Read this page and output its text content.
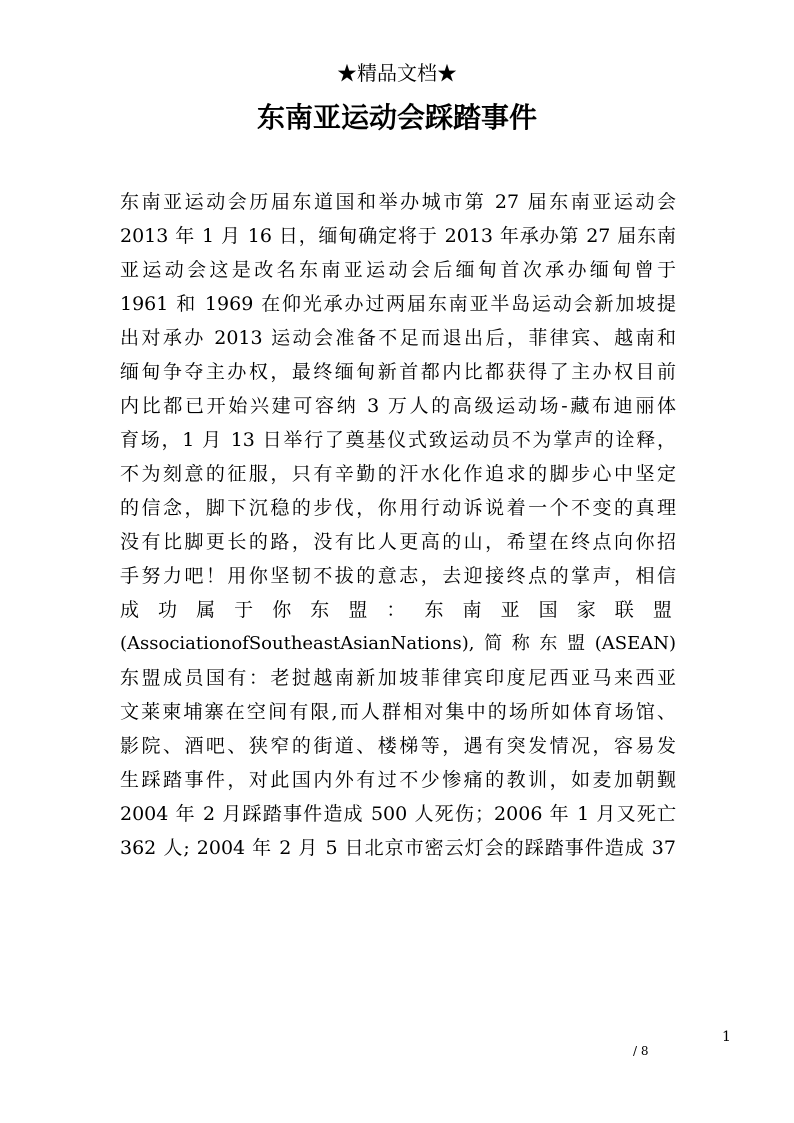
★精品文档★
东南亚运动会踩踏事件
东南亚运动会历届东道国和举办城市第 27 届东南亚运动会
2013 年 1 月 16 日，缅甸确定将于 2013 年承办第 27 届东南
亚运动会这是改名东南亚运动会后缅甸首次承办缅甸曾于
1961 和 1969 在仰光承办过两届东南亚半岛运动会新加坡提
出对承办 2013 运动会准备不足而退出后，菲律宾、越南和
缅甸争夺主办权，最终缅甸新首都内比都获得了主办权目前
内比都已开始兴建可容纳 3 万人的高级运动场-藏布迪丽体
育场，1 月 13 日举行了奠基仪式致运动员不为掌声的诠释，
不为刻意的征服，只有辛勤的汗水化作追求的脚步心中坚定
的信念，脚下沉稳的步伐，你用行动诉说着一个不变的真理
没有比脚更长的路，没有比人更高的山，希望在终点向你招
手努力吧！用你坚韧不拔的意志，去迎接终点的掌声，相信
成功属于你东盟：东南亚国家联盟
(AssociationofSoutheastAsianNations),简称东盟(ASEAN)
东盟成员国有：老挝越南新加坡菲律宾印度尼西亚马来西亚
文莱柬埔寨在空间有限,而人群相对集中的场所如体育场馆、
影院、酒吧、狭窄的街道、楼梯等，遇有突发情况，容易发
生踩踏事件，对此国内外有过不少惨痛的教训，如麦加朝觐
2004 年 2 月踩踏事件造成 500 人死伤；2006 年 1 月又死亡
362 人; 2004 年 2 月 5 日北京市密云灯会的踩踏事件造成 37
1
/ 8
